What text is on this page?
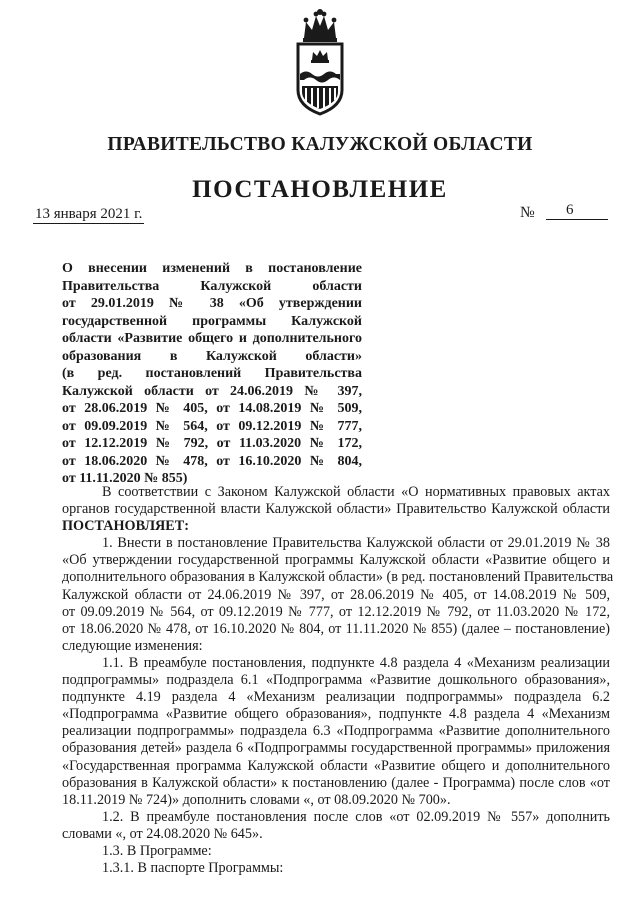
ПРАВИТЕЛЬСТВО КАЛУЖСКОЙ ОБЛАСТИ
ПОСТАНОВЛЕНИЕ
13 января 2021 г.	№	6
О внесении изменений в постановление
Правительства Калужской области
от 29.01.2019 № 38 «Об утверждении
государственной программы Калужской
области «Развитие общего и дополнительного
образования в Калужской области»
(в ред. постановлений Правительства
Калужской области от 24.06.2019 № 397,
от 28.06.2019 № 405, от 14.08.2019 № 509,
от 09.09.2019 № 564, от 09.12.2019 № 777,
от 12.12.2019 № 792, от 11.03.2020 № 172,
от 18.06.2020 № 478, от 16.10.2020 № 804,
от 11.11.2020 № 855)
В соответствии с Законом Калужской области «О нормативных правовых актах
органов государственной власти Калужской области» Правительство Калужской области
ПОСТАНОВЛЯЕТ:
1. Внести в постановление Правительства Калужской области от 29.01.2019 № 38
«Об утверждении государственной программы Калужской области «Развитие общего и
дополнительного образования в Калужской области» (в ред. постановлений Правительства
Калужской области от 24.06.2019 № 397, от 28.06.2019 № 405, от 14.08.2019 № 509,
от 09.09.2019 № 564, от 09.12.2019 № 777, от 12.12.2019 № 792, от 11.03.2020 № 172,
от 18.06.2020 № 478, от 16.10.2020 № 804, от 11.11.2020 № 855) (далее – постановление)
следующие изменения:
1.1. В преамбуле постановления, подпункте 4.8 раздела 4 «Механизм реализации
подпрограммы» подраздела 6.1 «Подпрограмма «Развитие дошкольного образования»,
подпункте 4.19 раздела 4 «Механизм реализации подпрограммы» подраздела 6.2
«Подпрограмма «Развитие общего образования», подпункте 4.8 раздела 4 «Механизм
реализации подпрограммы» подраздела 6.3 «Подпрограмма «Развитие дополнительного
образования детей» раздела 6 «Подпрограммы государственной программы» приложения
«Государственная программа Калужской области «Развитие общего и дополнительного
образования в Калужской области» к постановлению (далее - Программа) после слов «от
18.11.2019 № 724)» дополнить словами «, от 08.09.2020 № 700».
1.2. В преамбуле постановления после слов «от 02.09.2019 № 557» дополнить
словами «, от 24.08.2020 № 645».
1.3. В Программе:
1.3.1. В паспорте Программы:
